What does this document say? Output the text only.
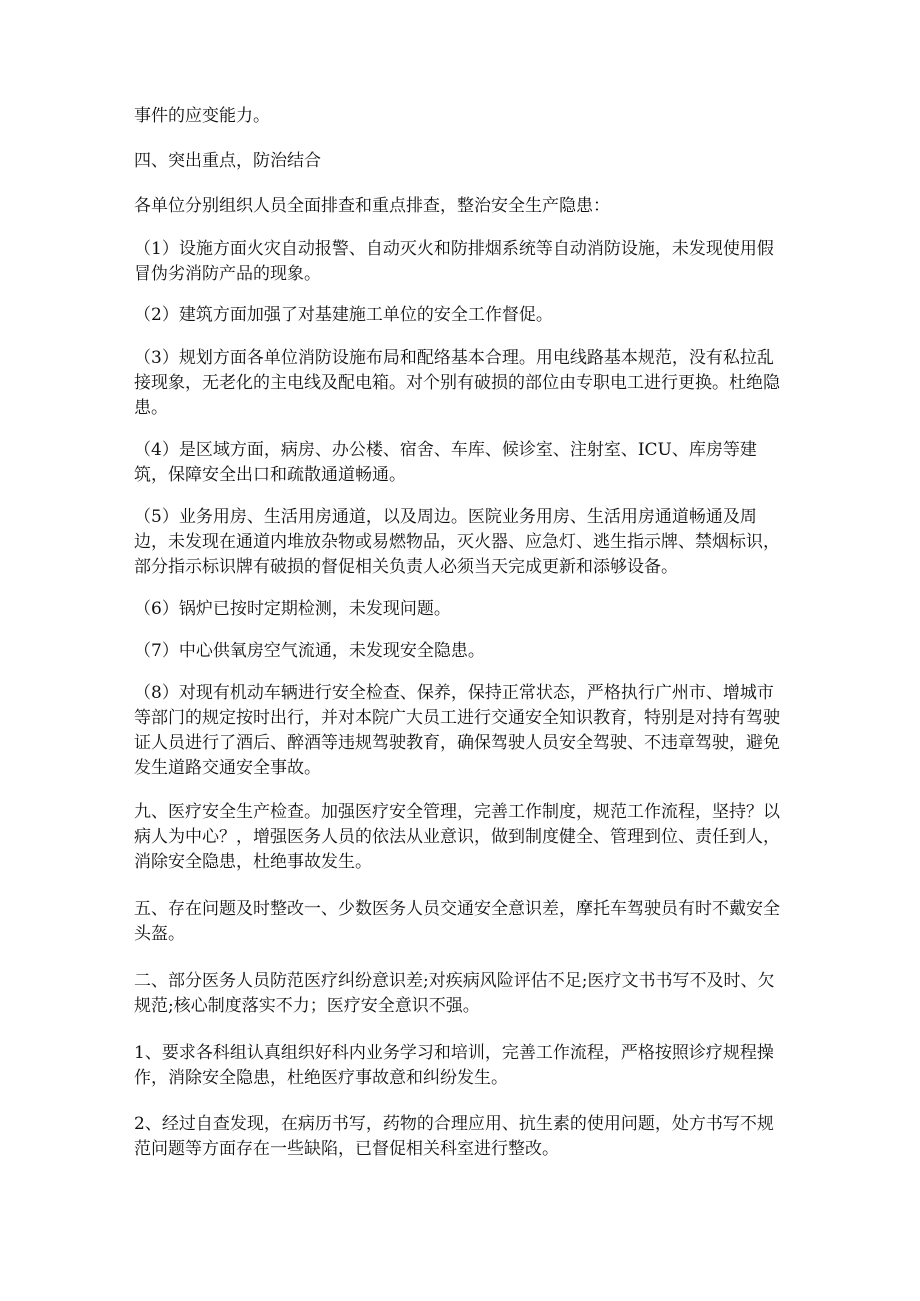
事件的应变能力。

四、突出重点，防治结合

各单位分别组织人员全面排查和重点排查，整治安全生产隐患：

（1）设施方面火灾自动报警、自动灭火和防排烟系统等自动消防设施，未发现使用假冒伪劣消防产品的现象。

（2）建筑方面加强了对基建施工单位的安全工作督促。

（3）规划方面各单位消防设施布局和配络基本合理。用电线路基本规范，没有私拉乱接现象，无老化的主电线及配电箱。对个别有破损的部位由专职电工进行更换。杜绝隐患。

（4）是区域方面，病房、办公楼、宿舍、车库、候诊室、注射室、ICU、库房等建筑，保障安全出口和疏散通道畅通。

（5）业务用房、生活用房通道，以及周边。医院业务用房、生活用房通道畅通及周边，未发现在通道内堆放杂物或易燃物品，灭火器、应急灯、逃生指示牌、禁烟标识，部分指示标识牌有破损的督促相关负责人必须当天完成更新和添够设备。

（6）锅炉已按时定期检测，未发现问题。

（7）中心供氧房空气流通，未发现安全隐患。

（8）对现有机动车辆进行安全检查、保养，保持正常状态，严格执行广州市、增城市等部门的规定按时出行，并对本院广大员工进行交通安全知识教育，特别是对持有驾驶证人员进行了酒后、醉酒等违规驾驶教育，确保驾驶人员安全驾驶、不违章驾驶，避免发生道路交通安全事故。

九、医疗安全生产检查。加强医疗安全管理，完善工作制度，规范工作流程，坚持？以病人为中心？，增强医务人员的依法从业意识，做到制度健全、管理到位、责任到人，消除安全隐患，杜绝事故发生。

五、存在问题及时整改一、少数医务人员交通安全意识差，摩托车驾驶员有时不戴安全头盔。

二、部分医务人员防范医疗纠纷意识差;对疾病风险评估不足;医疗文书书写不及时、欠规范;核心制度落实不力；医疗安全意识不强。

1、要求各科组认真组织好科内业务学习和培训，完善工作流程，严格按照诊疗规程操作，消除安全隐患，杜绝医疗事故意和纠纷发生。

2、经过自查发现，在病历书写，药物的合理应用、抗生素的使用问题，处方书写不规范问题等方面存在一些缺陷，已督促相关科室进行整改。
